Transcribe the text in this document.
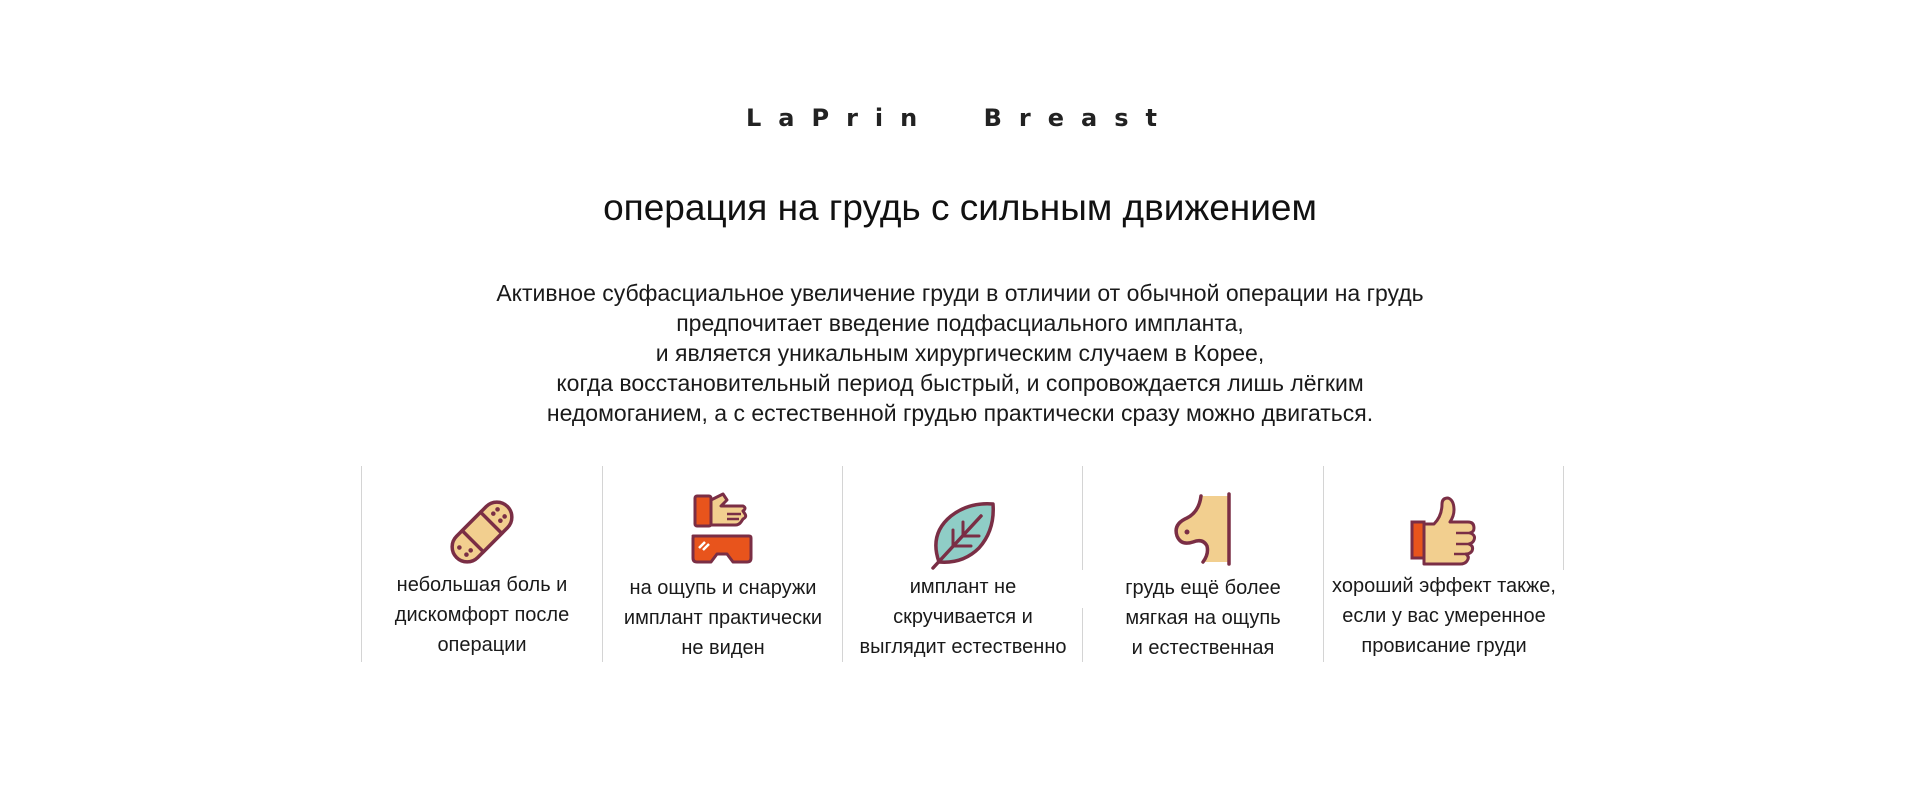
LaPrin Breast
операция на грудь с сильным движением
Активное субфасциальное увеличение груди в отличии от обычной операции на грудь
предпочитает введение подфасциального импланта,
и является уникальным хирургическим случаем в Корее,
когда восстановительный период быстрый, и сопровождается лишь лёгким
недомоганием, а с естественной грудью практически сразу можно двигаться.
небольшая боль и
дискомфорт после
операции
на ощупь и снаружи
имплант практически
не виден
имплант не
скручивается и
выглядит естественно
грудь ещё более
мягкая на ощупь
и естественная
хороший эффект также,
если у вас умеренное
провисание груди
